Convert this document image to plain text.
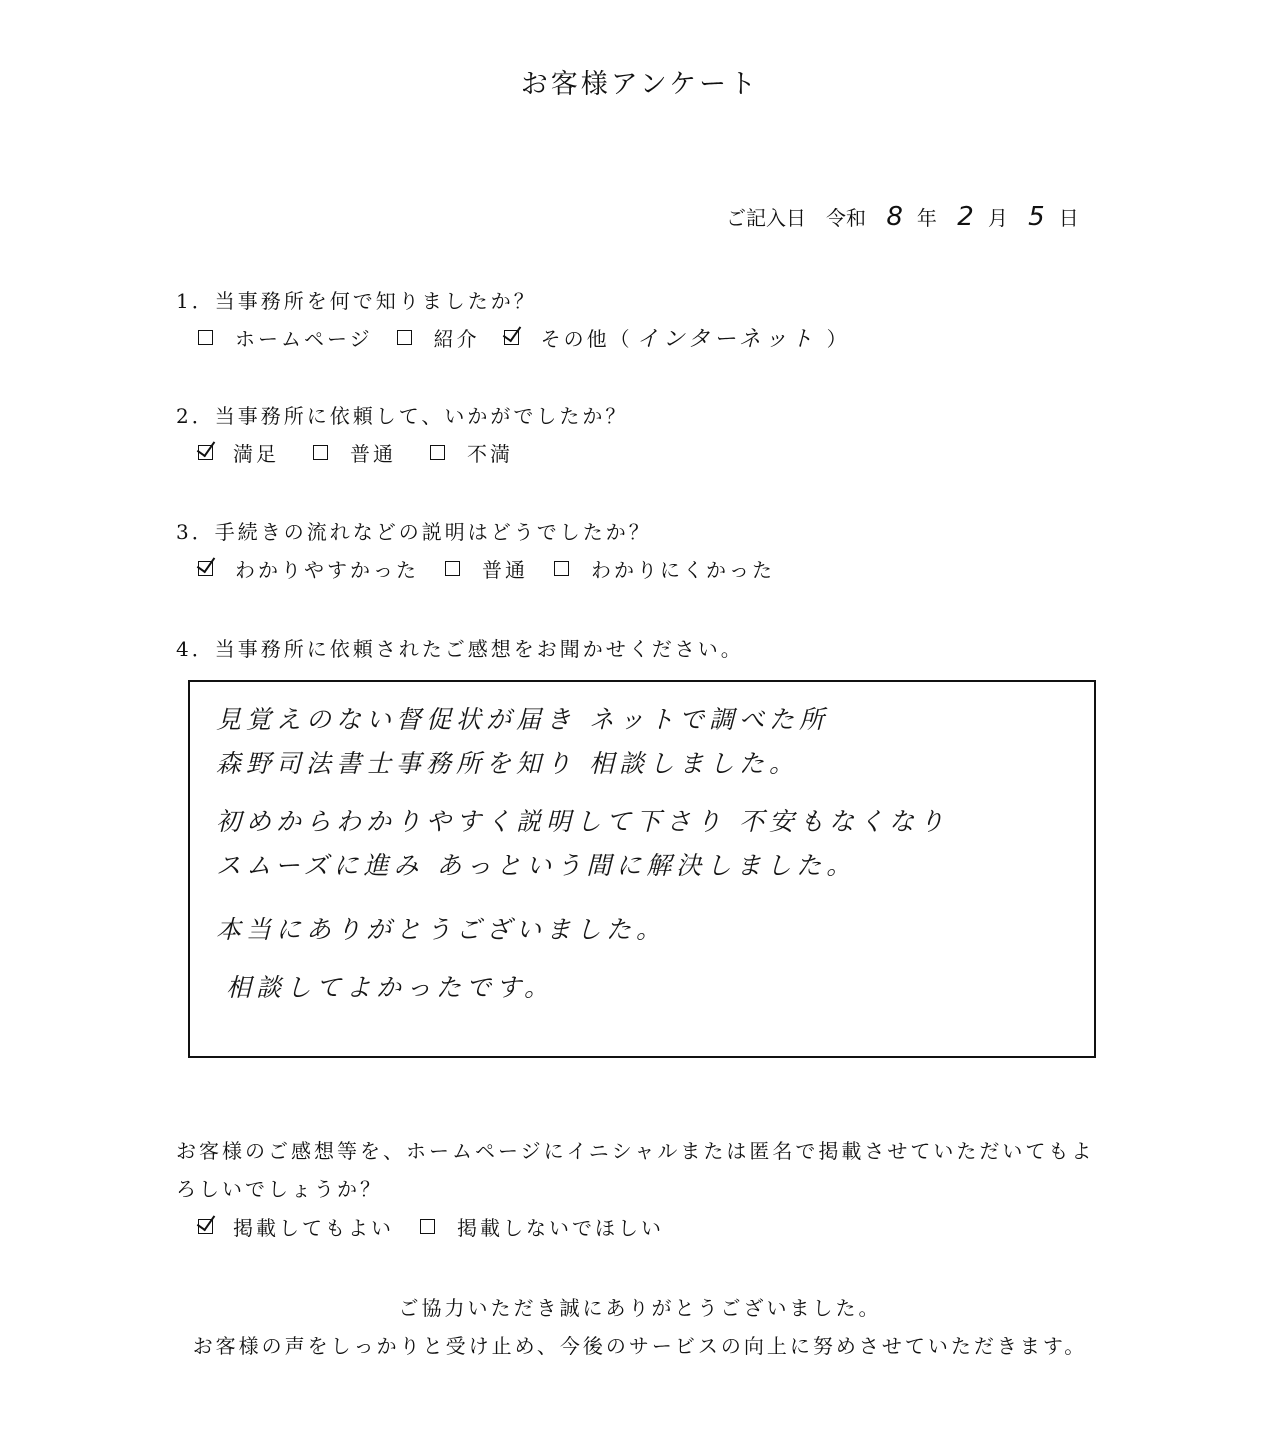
お客様アンケート
ご記入日　令和 8 年 2 月 5 日
1．当事務所を何で知りましたか？
ホームページ	紹介	その他（ インターネット ）
2．当事務所に依頼して、いかがでしたか？
満足	普通	不満
3．手続きの流れなどの説明はどうでしたか？
わかりやすかった	普通	わかりにくかった
4．当事務所に依頼されたご感想をお聞かせください。
見覚えのない督促状が届き ネットで調べた所
森野司法書士事務所を知り 相談しました。
初めからわかりやすく説明して下さり 不安もなくなり
スムーズに進み あっという間に解決しました。
本当にありがとうございました。
相談してよかったです。
お客様のご感想等を、ホームページにイニシャルまたは匿名で掲載させていただいてもよ
ろしいでしょうか？
掲載してもよい	掲載しないでほしい
ご協力いただき誠にありがとうございました。
お客様の声をしっかりと受け止め、今後のサービスの向上に努めさせていただきます。
